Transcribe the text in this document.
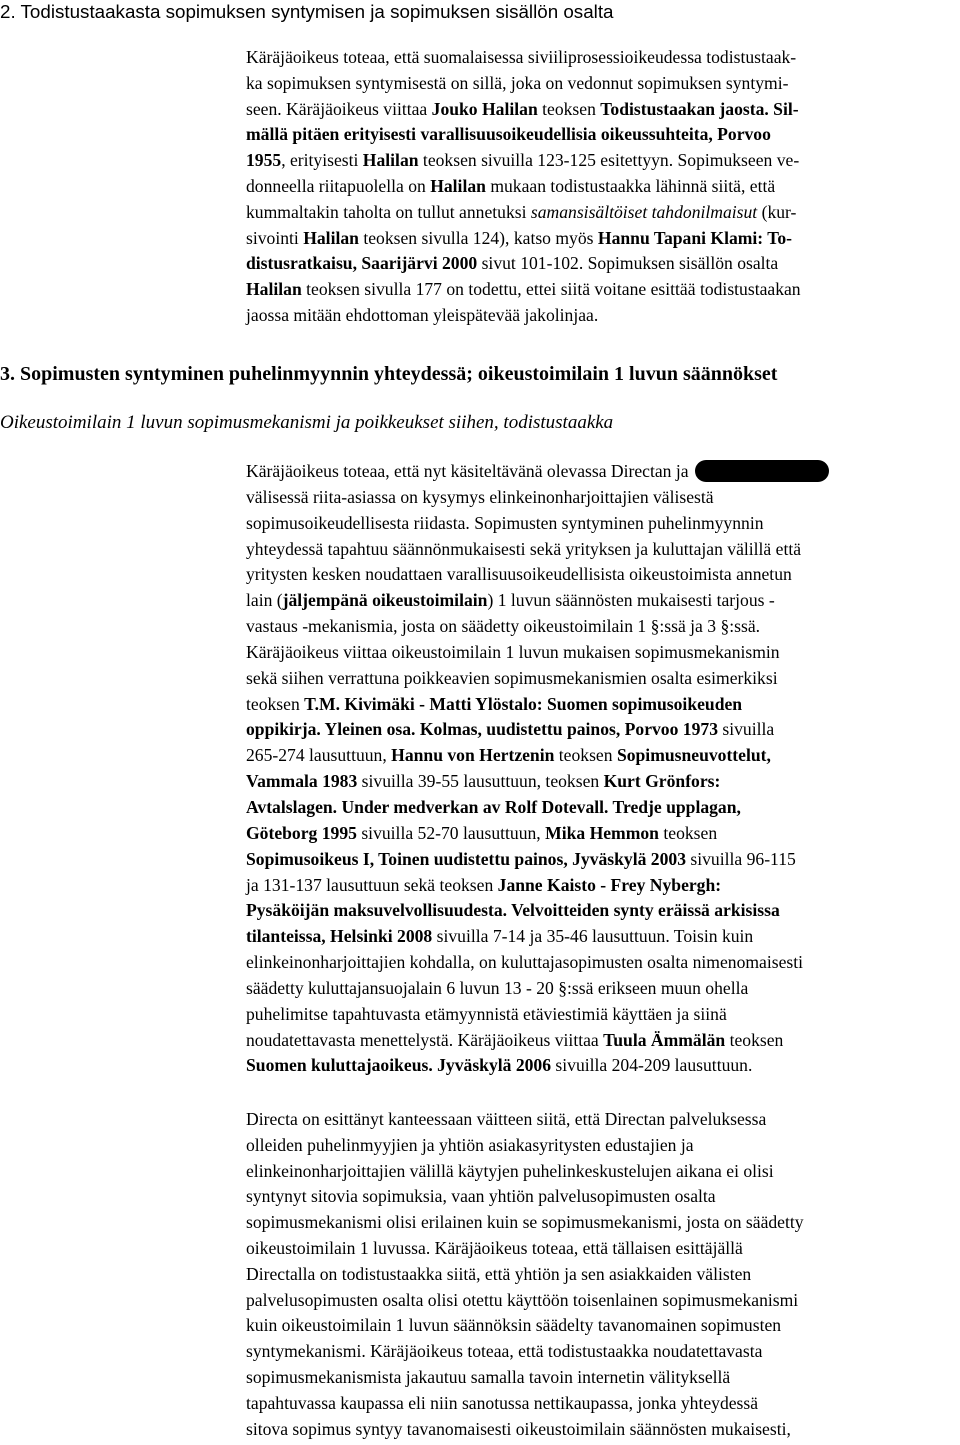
2. Todistustaakasta sopimuksen syntymisen ja sopimuksen sisällön osalta
Käräjäoikeus toteaa, että suomalaisessa siviiliprosessioikeudessa todistustaak-
ka sopimuksen syntymisestä on sillä, joka on vedonnut sopimuksen syntymi-
seen. Käräjäoikeus viittaa Jouko Halilan teoksen Todistustaakan jaosta. Sil-
mällä pitäen erityisesti varallisuusoikeudellisia oikeussuhteita, Porvoo
1955, erityisesti Halilan teoksen sivuilla 123-125 esitettyyn. Sopimukseen ve-
donneella riitapuolella on Halilan mukaan todistustaakka lähinnä siitä, että
kummaltakin taholta on tullut annetuksi samansisältöiset tahdonilmaisut (kur-
sivointi Halilan teoksen sivulla 124), katso myös Hannu Tapani Klami: To-
distusratkaisu, Saarijärvi 2000 sivut 101-102. Sopimuksen sisällön osalta
Halilan teoksen sivulla 177 on todettu, ettei siitä voitane esittää todistustaakan
jaossa mitään ehdottoman yleispätevää jakolinjaa.
3. Sopimusten syntyminen puhelinmyynnin yhteydessä; oikeustoimilain 1 luvun säännökset
Oikeustoimilain 1 luvun sopimusmekanismi ja poikkeukset siihen, todistustaakka
Käräjäoikeus toteaa, että nyt käsiteltävänä olevassa Directan ja
välisessä riita-asiassa on kysymys elinkeinonharjoittajien välisestä
sopimusoikeudellisesta riidasta. Sopimusten syntyminen puhelinmyynnin
yhteydessä tapahtuu säännönmukaisesti sekä yrityksen ja kuluttajan välillä että
yritysten kesken noudattaen varallisuusoikeudellisista oikeustoimista annetun
lain (jäljempänä oikeustoimilain) 1 luvun säännösten mukaisesti tarjous -
vastaus -mekanismia, josta on säädetty oikeustoimilain 1 §:ssä ja 3 §:ssä.
Käräjäoikeus viittaa oikeustoimilain 1 luvun mukaisen sopimusmekanismin
sekä siihen verrattuna poikkeavien sopimusmekanismien osalta esimerkiksi
teoksen T.M. Kivimäki - Matti Ylöstalo: Suomen sopimusoikeuden
oppikirja. Yleinen osa. Kolmas, uudistettu painos, Porvoo 1973 sivuilla
265-274 lausuttuun, Hannu von Hertzenin teoksen Sopimusneuvottelut,
Vammala 1983 sivuilla 39-55 lausuttuun, teoksen Kurt Grönfors:
Avtalslagen. Under medverkan av Rolf Dotevall. Tredje upplagan,
Göteborg 1995 sivuilla 52-70 lausuttuun, Mika Hemmon teoksen
Sopimusoikeus I, Toinen uudistettu painos, Jyväskylä 2003 sivuilla 96-115
ja 131-137 lausuttuun sekä teoksen Janne Kaisto - Frey Nybergh:
Pysäköijän maksuvelvollisuudesta. Velvoitteiden synty eräissä arkisissa
tilanteissa, Helsinki 2008 sivuilla 7-14 ja 35-46 lausuttuun. Toisin kuin
elinkeinonharjoittajien kohdalla, on kuluttajasopimusten osalta nimenomaisesti
säädetty kuluttajansuojalain 6 luvun 13 - 20 §:ssä erikseen muun ohella
puhelimitse tapahtuvasta etämyynnistä etäviestimiä käyttäen ja siinä
noudatettavasta menettelystä. Käräjäoikeus viittaa Tuula Ämmälän teoksen
Suomen kuluttajaoikeus. Jyväskylä 2006 sivuilla 204-209 lausuttuun.
Directa on esittänyt kanteessaan väitteen siitä, että Directan palveluksessa
olleiden puhelinmyyjien ja yhtiön asiakasyritysten edustajien ja
elinkeinonharjoittajien välillä käytyjen puhelinkeskustelujen aikana ei olisi
syntynyt sitovia sopimuksia, vaan yhtiön palvelusopimusten osalta
sopimusmekanismi olisi erilainen kuin se sopimusmekanismi, josta on säädetty
oikeustoimilain 1 luvussa. Käräjäoikeus toteaa, että tällaisen esittäjällä
Directalla on todistustaakka siitä, että yhtiön ja sen asiakkaiden välisten
palvelusopimusten osalta olisi otettu käyttöön toisenlainen sopimusmekanismi
kuin oikeustoimilain 1 luvun säännöksin säädelty tavanomainen sopimusten
syntymekanismi. Käräjäoikeus toteaa, että todistustaakka noudatettavasta
sopimusmekanismista jakautuu samalla tavoin internetin välityksellä
tapahtuvassa kaupassa eli niin sanotussa nettikaupassa, jonka yhteydessä
sitova sopimus syntyy tavanomaisesti oikeustoimilain säännösten mukaisesti,
